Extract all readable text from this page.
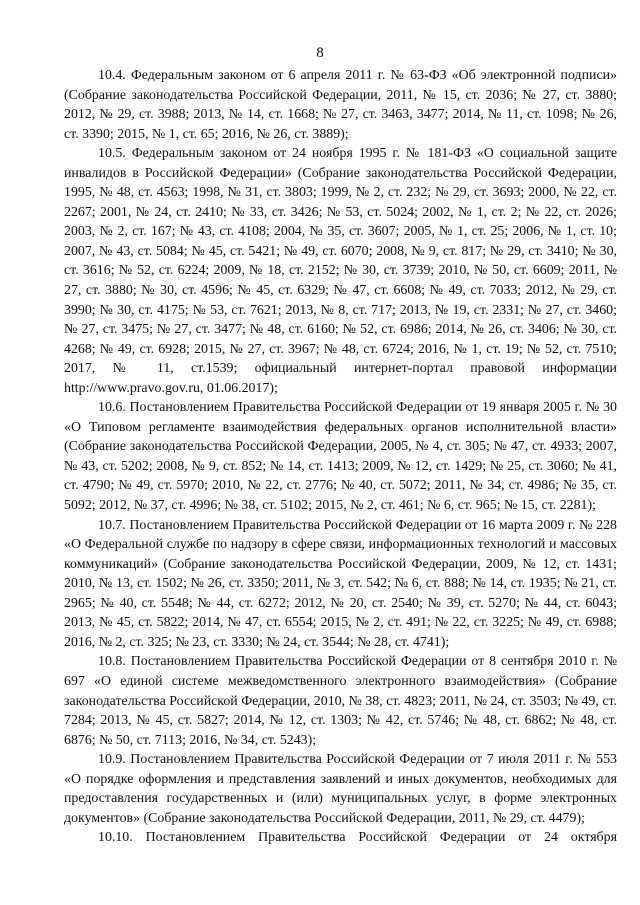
8

10.4. Федеральным законом от 6 апреля 2011 г. № 63-ФЗ «Об электронной подписи» (Собрание законодательства Российской Федерации, 2011, № 15, ст. 2036; № 27, ст. 3880; 2012, № 29, ст. 3988; 2013, № 14, ст. 1668; № 27, ст. 3463, 3477; 2014, № 11, ст. 1098; № 26, ст. 3390; 2015, № 1, ст. 65; 2016, № 26, ст. 3889);

10.5. Федеральным законом от 24 ноября 1995 г. № 181-ФЗ «О социальной защите инвалидов в Российской Федерации» (Собрание законодательства Российской Федерации, 1995, № 48, ст. 4563; 1998, № 31, ст. 3803; 1999, № 2, ст. 232; № 29, ст. 3693; 2000, № 22, ст. 2267; 2001, № 24, ст. 2410; № 33, ст. 3426; № 53, ст. 5024; 2002, № 1, ст. 2; № 22, ст. 2026; 2003, № 2, ст. 167; № 43, ст. 4108; 2004, № 35, ст. 3607; 2005, № 1, ст. 25; 2006, № 1, ст. 10; 2007, № 43, ст. 5084; № 45, ст. 5421; № 49, ст. 6070; 2008, № 9, ст. 817; № 29, ст. 3410; № 30, ст. 3616; № 52, ст. 6224; 2009, № 18, ст. 2152; № 30, ст. 3739; 2010, № 50, ст. 6609; 2011, № 27, ст. 3880; № 30, ст. 4596; № 45, ст. 6329; № 47, ст. 6608; № 49, ст. 7033; 2012, № 29, ст. 3990; № 30, ст. 4175; № 53, ст. 7621; 2013, № 8, ст. 717; 2013, № 19, ст. 2331; № 27, ст. 3460; № 27, ст. 3475; № 27, ст. 3477; № 48, ст. 6160; № 52, ст. 6986; 2014, № 26, ст. 3406; № 30, ст. 4268; № 49, ст. 6928; 2015, № 27, ст. 3967; № 48, ст. 6724; 2016, № 1, ст. 19; № 52, ст. 7510; 2017, № 11, ст.1539; официальный интернет-портал правовой информации http://www.pravo.gov.ru, 01.06.2017);

10.6. Постановлением Правительства Российской Федерации от 19 января 2005 г. № 30 «О Типовом регламенте взаимодействия федеральных органов исполнительной власти» (Собрание законодательства Российской Федерации, 2005, № 4, ст. 305; № 47, ст. 4933; 2007, № 43, ст. 5202; 2008, № 9, ст. 852; № 14, ст. 1413; 2009, № 12, ст. 1429; № 25, ст. 3060; № 41, ст. 4790; № 49, ст. 5970; 2010, № 22, ст. 2776; № 40, ст. 5072; 2011, № 34, ст. 4986; № 35, ст. 5092; 2012, № 37, ст. 4996; № 38, ст. 5102; 2015, № 2, ст. 461; № 6, ст. 965; № 15, ст. 2281);

10.7. Постановлением Правительства Российской Федерации от 16 марта 2009 г. № 228 «О Федеральной службе по надзору в сфере связи, информационных технологий и массовых коммуникаций» (Собрание законодательства Российской Федерации, 2009, № 12, ст. 1431; 2010, № 13, ст. 1502; № 26, ст. 3350; 2011, № 3, ст. 542; № 6, ст. 888; № 14, ст. 1935; № 21, ст. 2965; № 40, ст. 5548; № 44, ст. 6272; 2012, № 20, ст. 2540; № 39, ст. 5270; № 44, ст. 6043; 2013, № 45, ст. 5822; 2014, № 47, ст. 6554; 2015, № 2, ст. 491; № 22, ст. 3225; № 49, ст. 6988; 2016, № 2, ст. 325; № 23, ст. 3330; № 24, ст. 3544; № 28, ст. 4741);

10.8. Постановлением Правительства Российской Федерации от 8 сентября 2010 г. № 697 «О единой системе межведомственного электронного взаимодействия» (Собрание законодательства Российской Федерации, 2010, № 38, ст. 4823; 2011, № 24, ст. 3503; № 49, ст. 7284; 2013, № 45, ст. 5827; 2014, № 12, ст. 1303; № 42, ст. 5746; № 48, ст. 6862; № 48, ст. 6876; № 50, ст. 7113; 2016, № 34, ст. 5243);

10.9. Постановлением Правительства Российской Федерации от 7 июля 2011 г. № 553 «О порядке оформления и представления заявлений и иных документов, необходимых для предоставления государственных и (или) муниципальных услуг, в форме электронных документов» (Собрание законодательства Российской Федерации, 2011, № 29, ст. 4479);

10.10. Постановлением Правительства Российской Федерации от 24 октября
